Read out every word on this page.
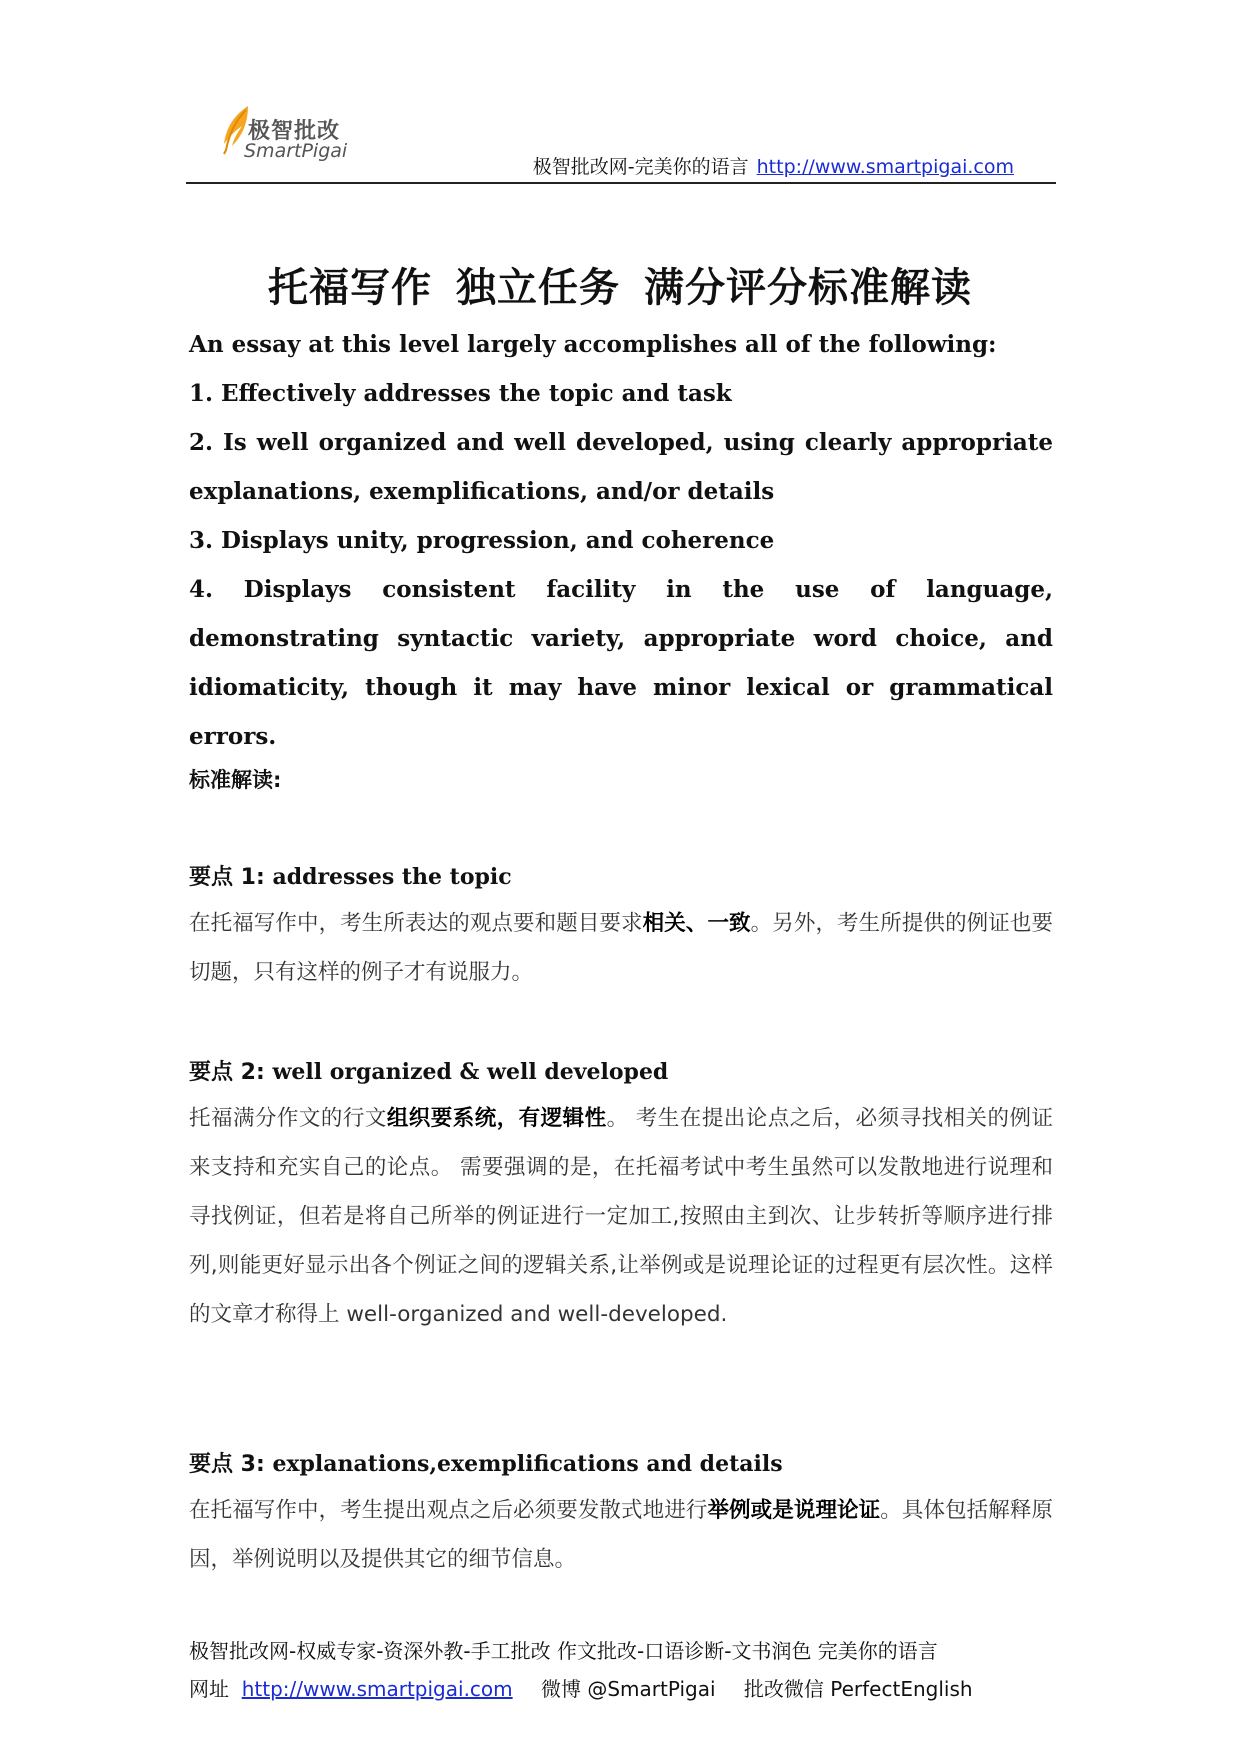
极智批改
SmartPigai
极智批改网-完美你的语言 http://www.smartpigai.com
托福写作 独立任务 满分评分标准解读

An essay at this level largely accomplishes all of the following:

1. Effectively addresses the topic and task

2. Is well organized and well developed, using clearly appropriate explanations, exemplifications, and/or details

3. Displays unity, progression, and coherence

4. Displays consistent facility in the use of language, demonstrating syntactic variety, appropriate word choice, and idiomaticity, though it may have minor lexical or grammatical errors.

标准解读:
要点 1: addresses the topic

在托福写作中，考生所表达的观点要和题目要求相关、一致。另外，考生所提供的例证也要切题，只有这样的例子才有说服力。

要点 2: well organized & well developed

托福满分作文的行文组织要系统，有逻辑性。 考生在提出论点之后，必须寻找相关的例证来支持和充实自己的论点。 需要强调的是，在托福考试中考生虽然可以发散地进行说理和寻找例证，但若是将自己所举的例证进行一定加工,按照由主到次、让步转折等顺序进行排列,则能更好显示出各个例证之间的逻辑关系,让举例或是说理论证的过程更有层次性。这样的文章才称得上 well-organized and well-developed.

要点 3: explanations,exemplifications and details

在托福写作中，考生提出观点之后必须要发散式地进行举例或是说理论证。具体包括解释原因，举例说明以及提供其它的细节信息。

极智批改网-权威专家-资深外教-手工批改 作文批改-口语诊断-文书润色 完美你的语言
网址 http://www.smartpigai.com 微博 @SmartPigai 批改微信 PerfectEnglish
